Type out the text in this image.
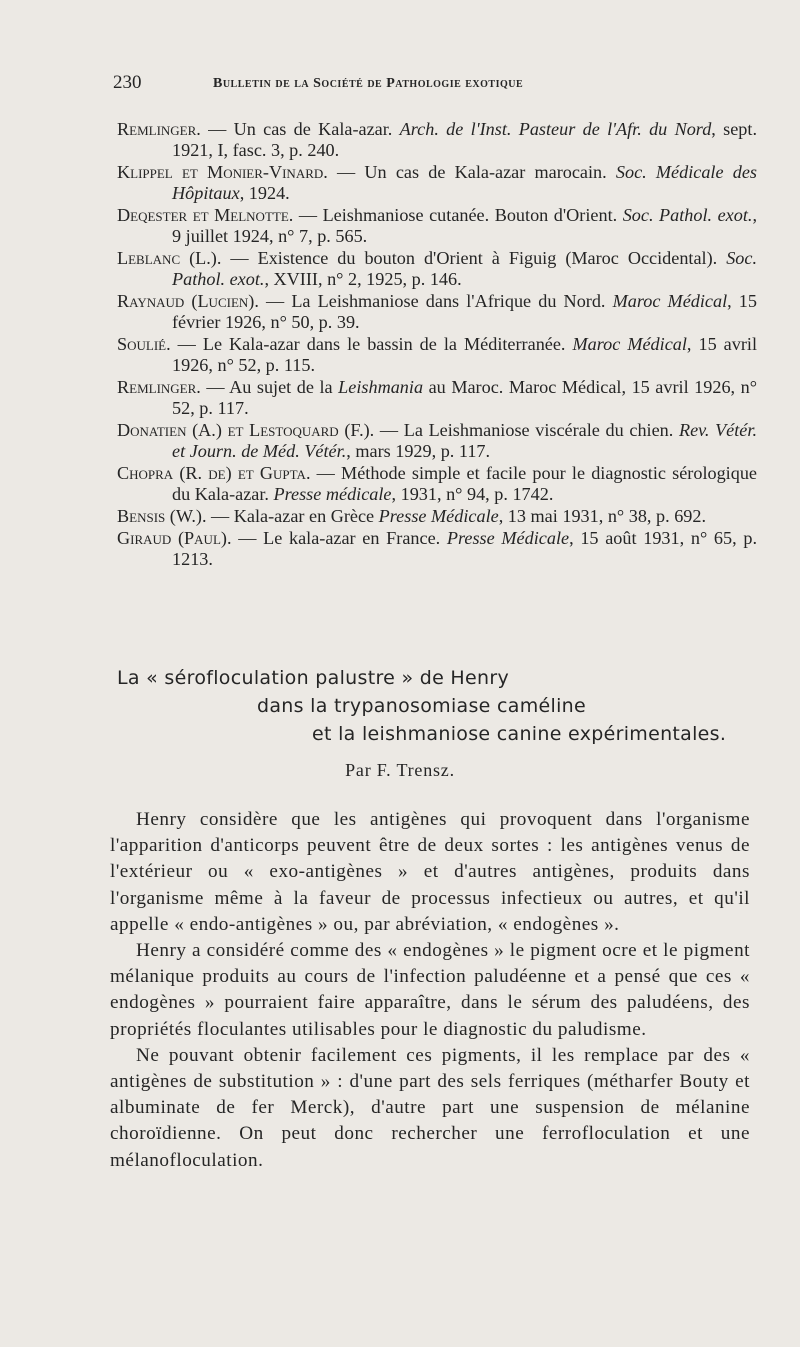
230	Bulletin de la Société de Pathologie exotique
Remlinger. — Un cas de Kala-azar. Arch. de l'Inst. Pasteur de l'Afr. du Nord, sept. 1921, I, fasc. 3, p. 240.
Klippel et Monier-Vinard. — Un cas de Kala-azar marocain. Soc. Médicale des Hôpitaux, 1924.
Deqester et Melnotte. — Leishmaniose cutanée. Bouton d'Orient. Soc. Pathol. exot., 9 juillet 1924, n° 7, p. 565.
Leblanc (L.). — Existence du bouton d'Orient à Figuig (Maroc Occidental). Soc. Pathol. exot., XVIII, n° 2, 1925, p. 146.
Raynaud (Lucien). — La Leishmaniose dans l'Afrique du Nord. Maroc Médical, 15 février 1926, n° 50, p. 39.
Soulié. — Le Kala-azar dans le bassin de la Méditerranée. Maroc Médical, 15 avril 1926, n° 52, p. 115.
Remlinger. — Au sujet de la Leishmania au Maroc. Maroc Médical, 15 avril 1926, n° 52, p. 117.
Donatien (A.) et Lestoquard (F.). — La Leishmaniose viscérale du chien. Rev. Vétér. et Journ. de Méd. Vétér., mars 1929, p. 117.
Chopra (R. de) et Gupta. — Méthode simple et facile pour le diagnostic sérologique du Kala-azar. Presse médicale, 1931, n° 94, p. 1742.
Bensis (W.). — Kala-azar en Grèce Presse Médicale, 13 mai 1931, n° 38, p. 692.
Giraud (Paul). — Le kala-azar en France. Presse Médicale, 15 août 1931, n° 65, p. 1213.
La « sérofloculation palustre » de Henry
dans la trypanosomiase caméline
et la leishmaniose canine expérimentales.
Par F. Trensz.

Henry considère que les antigènes qui provoquent dans l'organisme l'apparition d'anticorps peuvent être de deux sortes : les antigènes venus de l'extérieur ou « exo-antigènes » et d'autres antigènes, produits dans l'organisme même à la faveur de processus infectieux ou autres, et qu'il appelle « endo-antigènes » ou, par abréviation, « endogènes ».

Henry a considéré comme des « endogènes » le pigment ocre et le pigment mélanique produits au cours de l'infection paludéenne et a pensé que ces « endogènes » pourraient faire apparaître, dans le sérum des paludéens, des propriétés floculantes utilisables pour le diagnostic du paludisme.

Ne pouvant obtenir facilement ces pigments, il les remplace par des « antigènes de substitution » : d'une part des sels ferriques (métharfer Bouty et albuminate de fer Merck), d'autre part une suspension de mélanine choroïdienne. On peut donc rechercher une ferrofloculation et une mélanofloculation.
